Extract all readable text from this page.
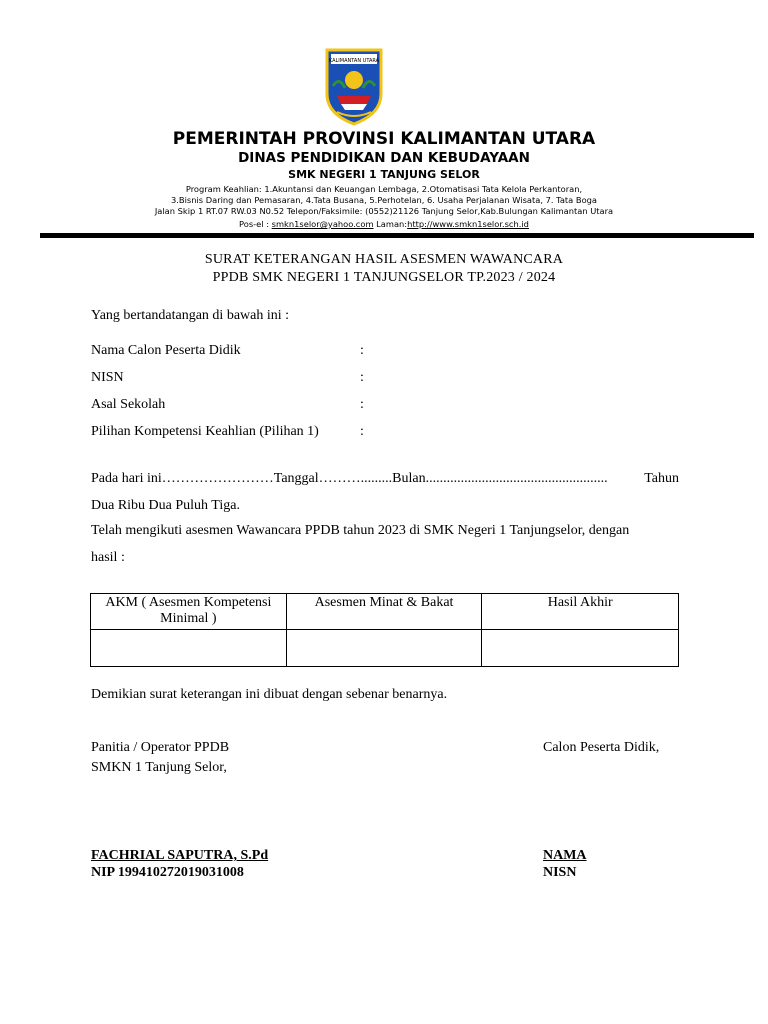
KALIMANTAN UTARA
PEMERINTAH PROVINSI KALIMANTAN UTARA
DINAS PENDIDIKAN DAN KEBUDAYAAN
SMK NEGERI 1 TANJUNG SELOR
Program Keahlian: 1.Akuntansi dan Keuangan Lembaga, 2.Otomatisasi Tata Kelola Perkantoran,
3.Bisnis Daring dan Pemasaran, 4.Tata Busana, 5.Perhotelan, 6. Usaha Perjalanan Wisata, 7. Tata Boga
Jalan Skip 1 RT.07 RW.03 N0.52 Telepon/Faksimile: (0552)21126 Tanjung Selor,Kab.Bulungan Kalimantan Utara
Pos-el : smkn1selor@yahoo.com Laman:http://www.smkn1selor.sch.id
SURAT KETERANGAN HASIL ASESMEN WAWANCARA
PPDB SMK NEGERI 1 TANJUNGSELOR TP.2023 / 2024
Yang bertandatangan di bawah ini :
Nama Calon Peserta Didik	:
NISN	:
Asal Sekolah	:
Pilihan Kompetensi Keahlian (Pilihan 1)	:
Pada hari ini……………………Tanggal……….........Bulan....................................................	Tahun
Dua Ribu Dua Puluh Tiga.
Telah mengikuti asesmen Wawancara PPDB tahun 2023 di SMK Negeri 1 Tanjungselor, dengan
hasil :
AKM ( Asesmen Kompetensi Minimal )	Asesmen Minat & Bakat	Hasil Akhir

Demikian surat keterangan ini dibuat dengan sebenar benarnya.
Panitia / Operator PPDB
SMKN 1 Tanjung Selor,
Calon Peserta Didik,
FACHRIAL SAPUTRA, S.Pd
NIP 199410272019031008
NAMA
NISN
